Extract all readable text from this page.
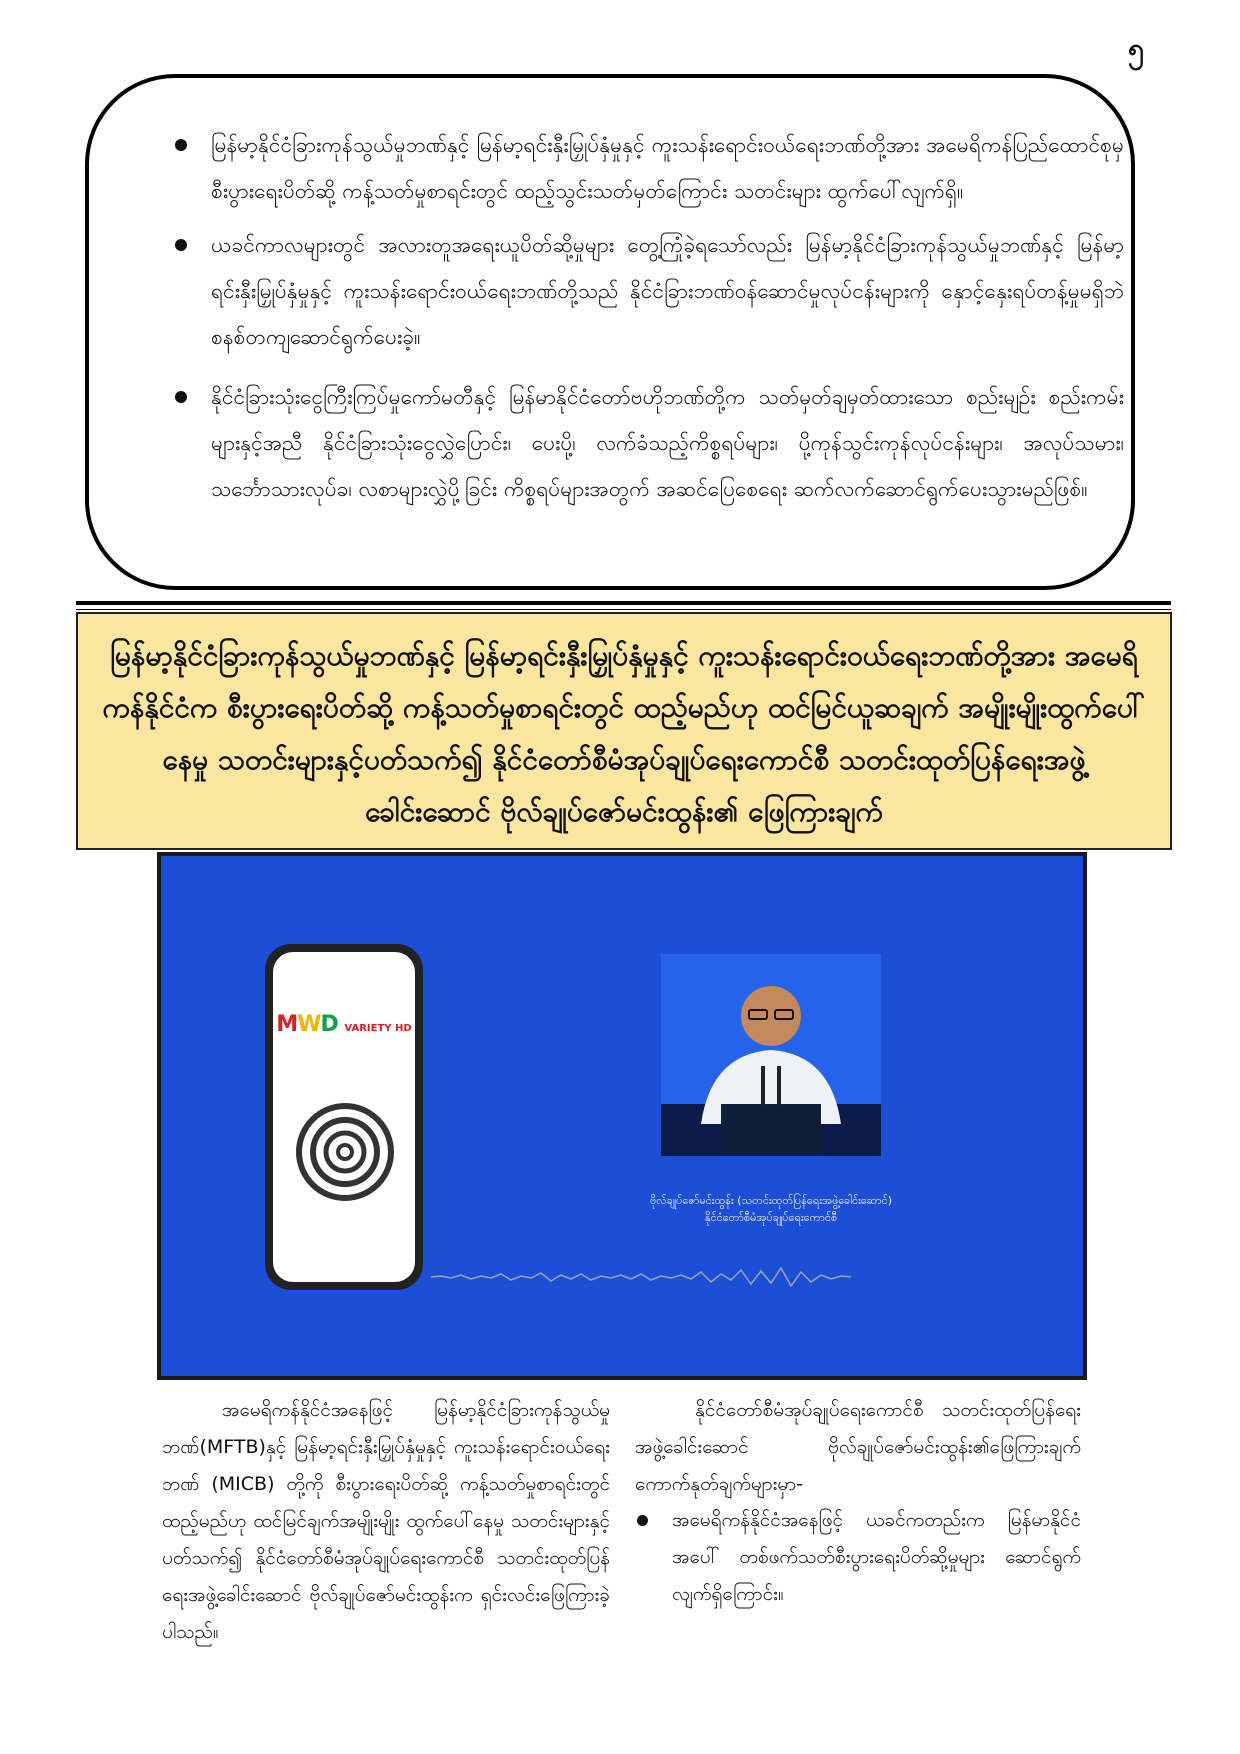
၅
မြန်မာ့နိုင်ငံခြားကုန်သွယ်မှုဘဏ်နှင့် မြန်မာ့ရင်းနှီးမြှုပ်နှံမှုနှင့် ကူးသန်းရောင်းဝယ်ရေးဘဏ်တို့အား အမေရိကန်ပြည်ထောင်စုမှ စီးပွားရေးပိတ်ဆို့ ကန့်သတ်မှုစာရင်းတွင် ထည့်သွင်းသတ်မှတ်ကြောင်း သတင်းများ ထွက်ပေါ်လျက်ရှိ။
ယခင်ကာလများတွင် အလားတူအရေးယူပိတ်ဆို့မှုများ တွေ့ကြုံခဲ့ရသော်လည်း မြန်မာ့နိုင်ငံခြားကုန်သွယ်မှုဘဏ်နှင့် မြန်မာ့ရင်းနှီးမြှုပ်နှံမှုနှင့် ကူးသန်းရောင်းဝယ်ရေးဘဏ်တို့သည် နိုင်ငံခြားဘဏ်ဝန်ဆောင်မှုလုပ်ငန်းများကို နှောင့်နှေးရပ်တန့်မှုမရှိဘဲ စနစ်တကျဆောင်ရွက်ပေးခဲ့။
နိုင်ငံခြားသုံးငွေကြီးကြပ်မှုကော်မတီနှင့် မြန်မာနိုင်ငံတော်ဗဟိုဘဏ်တို့က သတ်မှတ်ချမှတ်ထားသော စည်းမျဉ်း စည်းကမ်းများနှင့်အညီ နိုင်ငံခြားသုံးငွေလွှဲပြောင်း၊ ပေးပို့၊ လက်ခံသည့်ကိစ္စရပ်များ၊ ပို့ကုန်သွင်းကုန်လုပ်ငန်းများ၊ အလုပ်သမား၊ သင်္ဘောသားလုပ်ခ၊ လစာများလွှဲပို့ခြင်း ကိစ္စရပ်များအတွက် အဆင်ပြေစေရေး ဆက်လက်ဆောင်ရွက်ပေးသွားမည်ဖြစ်။
မြန်မာ့နိုင်ငံခြားကုန်သွယ်မှုဘဏ်နှင့် မြန်မာ့ရင်းနှီးမြှုပ်နှံမှုနှင့် ကူးသန်းရောင်းဝယ်ရေးဘဏ်တို့အား အမေရိကန်နိုင်ငံက စီးပွားရေးပိတ်ဆို့ ကန့်သတ်မှုစာရင်းတွင် ထည့်မည်ဟု ထင်မြင်ယူဆချက် အမျိုးမျိုးထွက်ပေါ်နေမှု သတင်းများနှင့်ပတ်သက်၍ နိုင်ငံတော်စီမံအုပ်ချုပ်ရေးကောင်စီ သတင်းထုတ်ပြန်ရေးအဖွဲ့ခေါင်းဆောင် ဗိုလ်ချုပ်ဇော်မင်းထွန်း၏ ဖြေကြားချက်
MWD VARIETY HD
ဗိုလ်ချုပ်ဇော်မင်းထွန်း (သတင်းထုတ်ပြန်ရေးအဖွဲ့ခေါင်းဆောင်)
နိုင်ငံတော်စီမံအုပ်ချုပ်ရေးကောင်စီ
အမေရိကန်နိုင်ငံအနေဖြင့် မြန်မာ့နိုင်ငံခြားကုန်သွယ်မှုဘဏ်(MFTB)နှင့် မြန်မာ့ရင်းနှီးမြှုပ်နှံမှုနှင့် ကူးသန်းရောင်းဝယ်ရေးဘဏ် (MICB) တို့ကို စီးပွားရေးပိတ်ဆို့ ကန့်သတ်မှုစာရင်းတွင် ထည့်မည်ဟု ထင်မြင်ချက်အမျိုးမျိုး ထွက်ပေါ်နေမှု သတင်းများနှင့်ပတ်သက်၍ နိုင်ငံတော်စီမံအုပ်ချုပ်ရေးကောင်စီ သတင်းထုတ်ပြန်ရေးအဖွဲ့ခေါင်းဆောင် ဗိုလ်ချုပ်ဇော်မင်းထွန်းက ရှင်းလင်းဖြေကြားခဲ့ပါသည်။
နိုင်ငံတော်စီမံအုပ်ချုပ်ရေးကောင်စီ သတင်းထုတ်ပြန်ရေးအဖွဲ့ခေါင်းဆောင် ဗိုလ်ချုပ်ဇော်မင်းထွန်း၏ဖြေကြားချက် ကောက်နုတ်ချက်များမှာ-
အမေရိကန်နိုင်ငံအနေဖြင့် ယခင်ကတည်းက မြန်မာနိုင်ငံ အပေါ် တစ်ဖက်သတ်စီးပွားရေးပိတ်ဆို့မှုများ ဆောင်ရွက်လျက်ရှိကြောင်း။
